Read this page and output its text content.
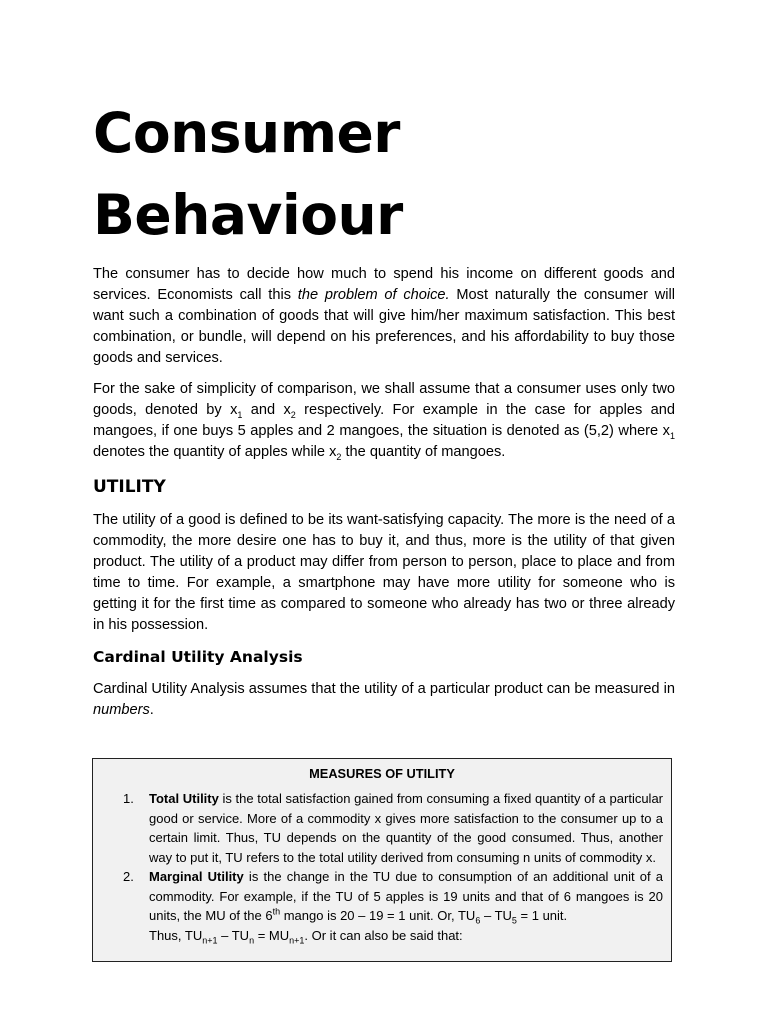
Consumer
Behaviour

The consumer has to decide how much to spend his income on different goods and services. Economists call this the problem of choice. Most naturally the consumer will want such a combination of goods that will give him/her maximum satisfaction. This best combination, or bundle, will depend on his preferences, and his affordability to buy those goods and services.

For the sake of simplicity of comparison, we shall assume that a consumer uses only two goods, denoted by $x_1$ and $x_2$ respectively. For example in the case for apples and mangoes, if one buys 5 apples and 2 mangoes, the situation is denoted as (5,2) where $x_1$ denotes the quantity of apples while $x_2$ the quantity of mangoes.

UTILITY

The utility of a good is defined to be its want-satisfying capacity. The more is the need of a commodity, the more desire one has to buy it, and thus, more is the utility of that given product. The utility of a product may differ from person to person, place to place and from time to time. For example, a smartphone may have more utility for someone who is getting it for the first time as compared to someone who already has two or three already in his possession.

Cardinal Utility Analysis

Cardinal Utility Analysis assumes that the utility of a particular product can be measured in numbers.

MEASURES OF UTILITY

1. Total Utility is the total satisfaction gained from consuming a fixed quantity of a particular good or service. More of a commodity x gives more satisfaction to the consumer up to a certain limit. Thus, TU depends on the quantity of the good consumed. Thus, another way to put it, TU refers to the total utility derived from consuming n units of commodity x.

2. Marginal Utility is the change in the TU due to consumption of an additional unit of a commodity. For example, if the TU of 5 apples is 19 units and that of 6 mangoes is 20 units, the MU of the 6th mango is 20 – 19 = 1 unit. Or, $TU_6 - TU_5 = 1$ unit.

Thus, $TU_{n+1} - TU_n = MU_{n+1}$. Or it can also be said that:
